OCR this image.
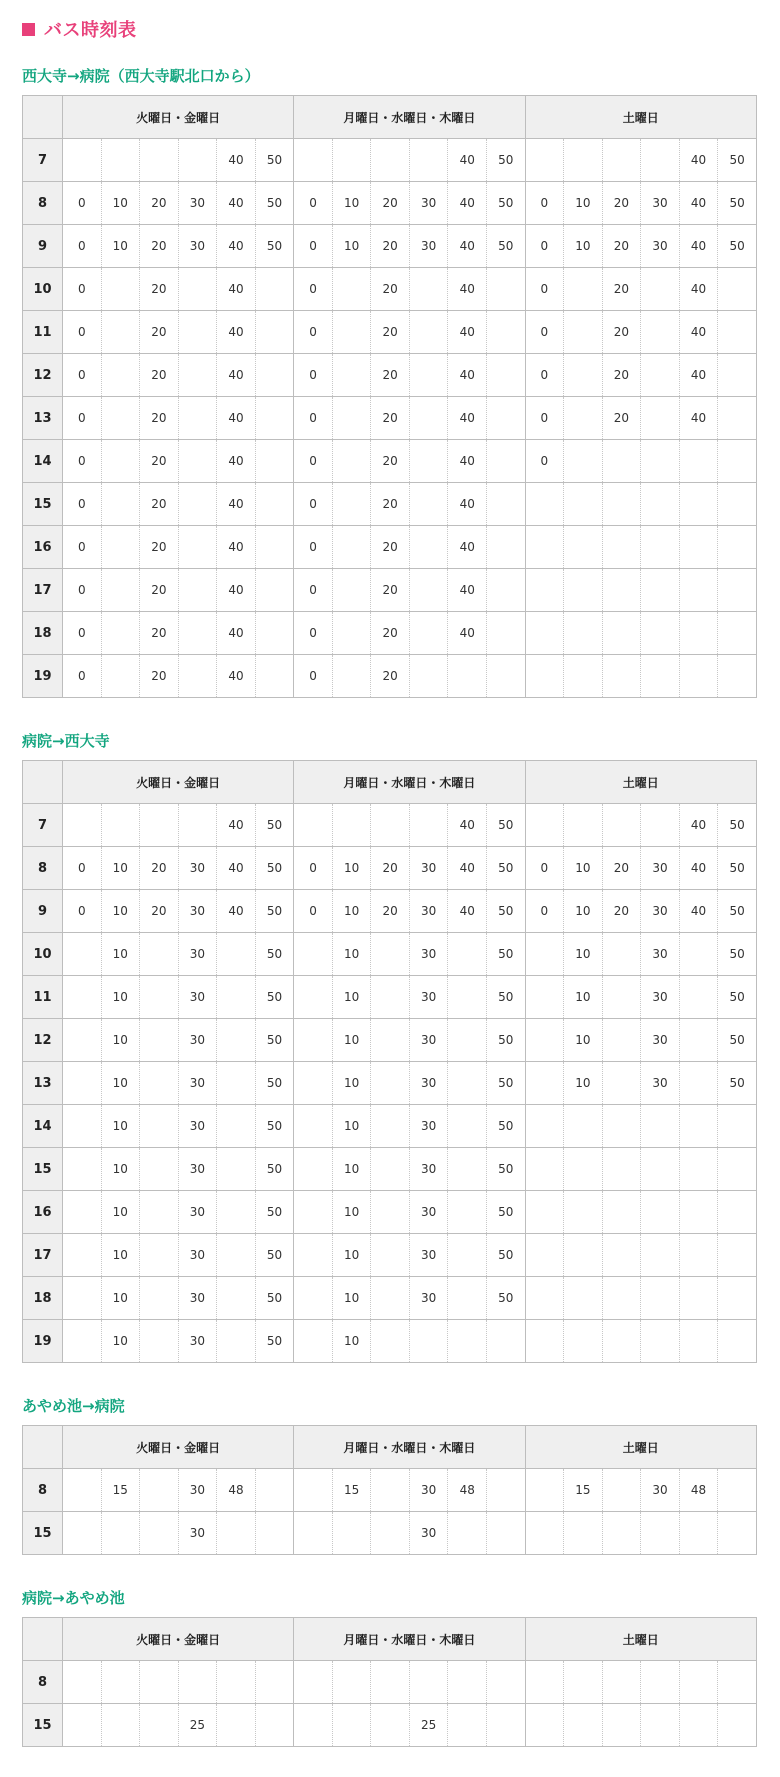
バス時刻表
西大寺→病院（西大寺駅北口から）
	火曜日・金曜日						月曜日・水曜日・木曜日						土曜日					
7					40	50					40	50					40	50
8	0	10	20	30	40	50	0	10	20	30	40	50	0	10	20	30	40	50
9	0	10	20	30	40	50	0	10	20	30	40	50	0	10	20	30	40	50
10	0		20		40		0		20		40		0		20		40	
11	0		20		40		0		20		40		0		20		40	
12	0		20		40		0		20		40		0		20		40	
13	0		20		40		0		20		40		0		20		40	
14	0		20		40		0		20		40		0					
15	0		20		40		0		20		40							
16	0		20		40		0		20		40							
17	0		20		40		0		20		40							
18	0		20		40		0		20		40							
19	0		20		40		0		20									
病院→西大寺
	火曜日・金曜日						月曜日・水曜日・木曜日						土曜日					
7					40	50					40	50					40	50
8	0	10	20	30	40	50	0	10	20	30	40	50	0	10	20	30	40	50
9	0	10	20	30	40	50	0	10	20	30	40	50	0	10	20	30	40	50
10		10		30		50		10		30		50		10		30		50
11		10		30		50		10		30		50		10		30		50
12		10		30		50		10		30		50		10		30		50
13		10		30		50		10		30		50		10		30		50
14		10		30		50		10		30		50						
15		10		30		50		10		30		50						
16		10		30		50		10		30		50						
17		10		30		50		10		30		50						
18		10		30		50		10		30		50						
19		10		30		50		10										
あやめ池→病院
	火曜日・金曜日						月曜日・水曜日・木曜日						土曜日					
8		15		30	48			15		30	48			15		30	48	
15				30						30								
病院→あやめ池
	火曜日・金曜日						月曜日・水曜日・木曜日						土曜日					
8																		
15				25						25								
